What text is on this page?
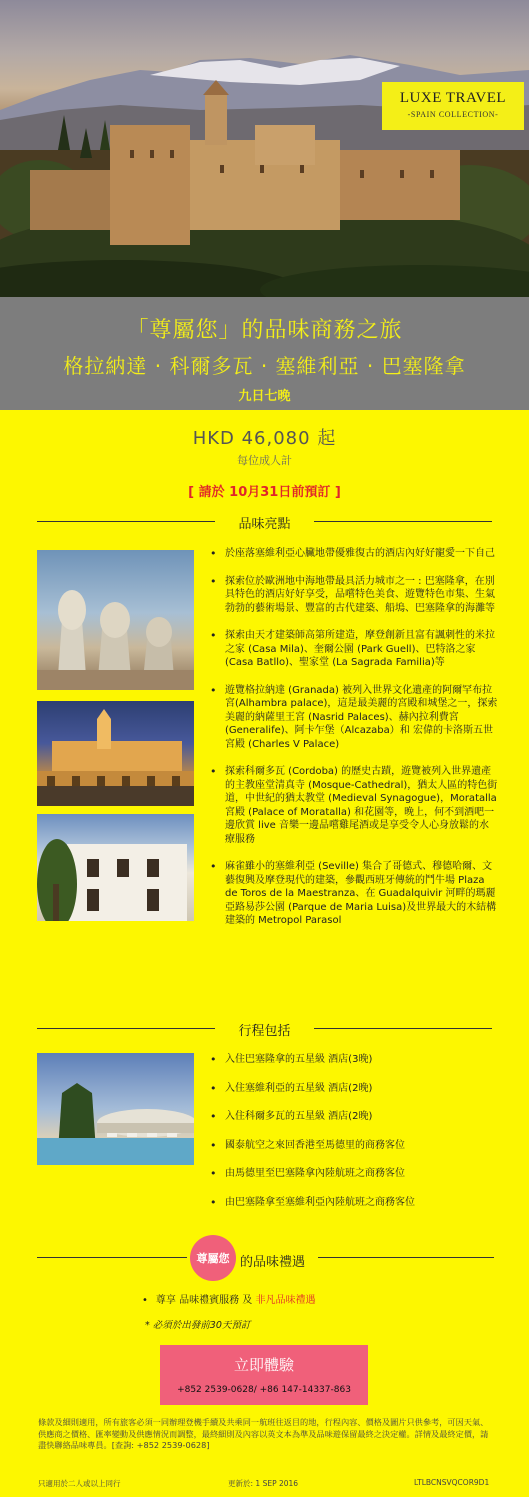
LUXE TRAVEL
-SPAIN COLLECTION-
「尊屬您」的品味商務之旅
格拉納達 · 科爾多瓦 · 塞維利亞 · 巴塞隆拿
九日七晚
HKD 46,080 起
每位成人計
[ 請於 10月31日前預訂 ]
品味亮點
• 於座落塞維利亞心臟地帶優雅復古的酒店內好好寵愛一下自己
• 探索位於歐洲地中海地帶最具活力城市之一 : 巴塞隆拿，在別具特色的酒店好好享受，品嚐特色美食、遊覽特色市集、生氣勃勃的藝術場景、豐富的古代建築、船塢、巴塞隆拿的海灘等
• 探索由天才建築師高第所建造，摩登創新且富有諷刺性的米拉之家 (Casa Mila)、奎爾公園 (Park Guell)、巴特洛之家 (Casa Batllo)、聖家堂 (La Sagrada Familia)等
• 遊覽格拉納達 (Granada) 被列入世界文化遺產的阿爾罕布拉宮(Alhambra palace)，這是最美麗的宮殿和城堡之一，探索美麗的納薩里王宮 (Nasrid Palaces)、赫內拉利費宮 (Generalife)、阿卡乍堡（Alcazaba）和 宏偉的卡洛斯五世宮殿 (Charles V Palace)
• 探索科爾多瓦 (Cordoba) 的歷史古蹟，遊覽被列入世界遺產的主教座堂清真寺 (Mosque-Cathedral)，猶太人區的特色街道，中世紀的猶太教堂 (Medieval Synagogue)，Moratalla 宮殿 (Palace of Moratalla) 和花園等，晚上，何不到酒吧一邊欣賞 live 音樂一邊品嚐雞尾酒或是享受令人心身放鬆的水療服務
• 麻雀雖小的塞維利亞 (Seville) 集合了哥德式、穆德哈爾、文藝復興及摩登現代的建築，參觀西班牙傳統的鬥牛場 Plaza de Toros de la Maestranza、在 Guadalquivir 河畔的瑪麗亞路易莎公園 (Parque de Maria Luisa)及世界最大的木結構建築的 Metropol Parasol
行程包括
• 入住巴塞隆拿的五星級 酒店(3晚)
• 入住塞維利亞的五星級 酒店(2晚)
• 入住科爾多瓦的五星級 酒店(2晚)
• 國泰航空之來回香港至馬德里的商務客位
• 由馬德里至巴塞隆拿內陸航班之商務客位
• 由巴塞隆拿至塞維利亞內陸航班之商務客位
尊屬您 的品味禮遇
• 尊享 品味禮賓服務 及 非凡品味禮遇
* 必須於出發前30天預訂
立即體驗
+852 2539-0628/ +86 147-14337-863
條款及細則適用，所有旅客必須一同辦理登機手續及共乘同一航班往返目的地，行程內容、價格及圖片只供參考，可因天氣、供應商之價格、匯率變動及供應情況而調整，最終細則及內容以英文本為準及品味遊保留最終之決定權。詳情及最終定價，請盡快聯絡品味專員。[查詢: +852 2539-0628]
只適用於二人或以上同行	更新於: 1 SEP 2016	LTLBCNSVQCOR9D1
